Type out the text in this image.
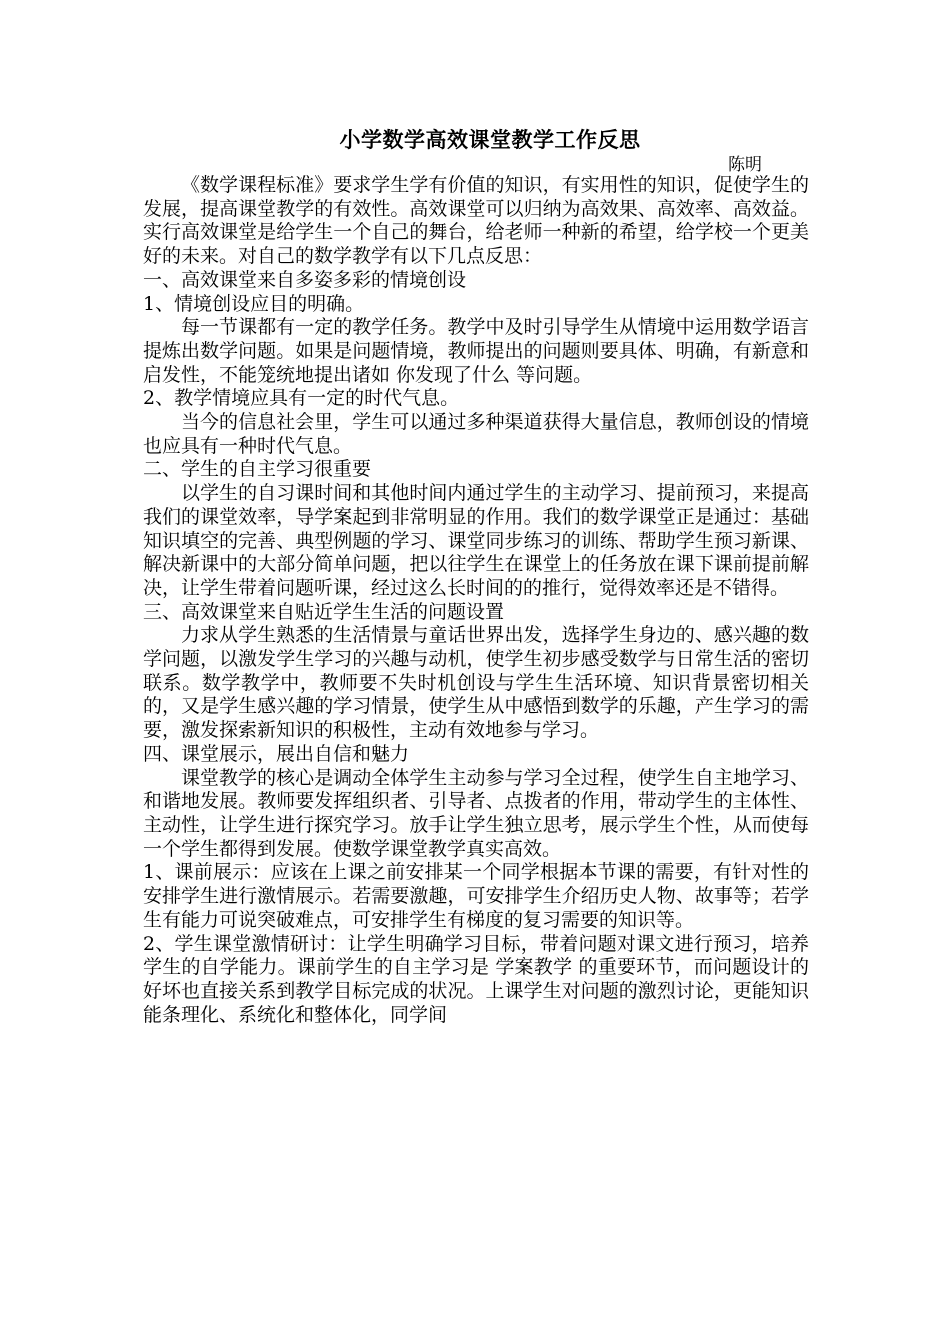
小学数学高效课堂教学工作反思
陈明

《数学课程标准》要求学生学有价值的知识，有实用性的知识，促使学生的发展，提高课堂教学的有效性。高效课堂可以归纳为高效果、高效率、高效益。实行高效课堂是给学生一个自己的舞台，给老师一种新的希望，给学校一个更美好的未来。对自己的数学教学有以下几点反思：

一、高效课堂来自多姿多彩的情境创设

1、情境创设应目的明确。

每一节课都有一定的教学任务。教学中及时引导学生从情境中运用数学语言提炼出数学问题。如果是问题情境，教师提出的问题则要具体、明确，有新意和启发性，不能笼统地提出诸如 你发现了什么 等问题。

2、教学情境应具有一定的时代气息。

当今的信息社会里，学生可以通过多种渠道获得大量信息，教师创设的情境也应具有一种时代气息。

二、学生的自主学习很重要

以学生的自习课时间和其他时间内通过学生的主动学习、提前预习，来提高我们的课堂效率，导学案起到非常明显的作用。我们的数学课堂正是通过：基础知识填空的完善、典型例题的学习、课堂同步练习的训练、帮助学生预习新课、解决新课中的大部分简单问题，把以往学生在课堂上的任务放在课下课前提前解决，让学生带着问题听课，经过这么长时间的的推行，觉得效率还是不错得。

三、高效课堂来自贴近学生生活的问题设置

力求从学生熟悉的生活情景与童话世界出发，选择学生身边的、感兴趣的数学问题，以激发学生学习的兴趣与动机，使学生初步感受数学与日常生活的密切联系。数学教学中，教师要不失时机创设与学生生活环境、知识背景密切相关的，又是学生感兴趣的学习情景，使学生从中感悟到数学的乐趣，产生学习的需要，激发探索新知识的积极性，主动有效地参与学习。

四、课堂展示，展出自信和魅力

课堂教学的核心是调动全体学生主动参与学习全过程，使学生自主地学习、和谐地发展。教师要发挥组织者、引导者、点拨者的作用，带动学生的主体性、主动性，让学生进行探究学习。放手让学生独立思考，展示学生个性，从而使每一个学生都得到发展。使数学课堂教学真实高效。

1、课前展示：应该在上课之前安排某一个同学根据本节课的需要，有针对性的安排学生进行激情展示。若需要激趣，可安排学生介绍历史人物、故事等；若学生有能力可说突破难点，可安排学生有梯度的复习需要的知识等。

2、学生课堂激情研讨：让学生明确学习目标，带着问题对课文进行预习，培养学生的自学能力。课前学生的自主学习是 学案教学 的重要环节，而问题设计的好坏也直接关系到教学目标完成的状况。上课学生对问题的激烈讨论，更能知识能条理化、系统化和整体化，同学间
